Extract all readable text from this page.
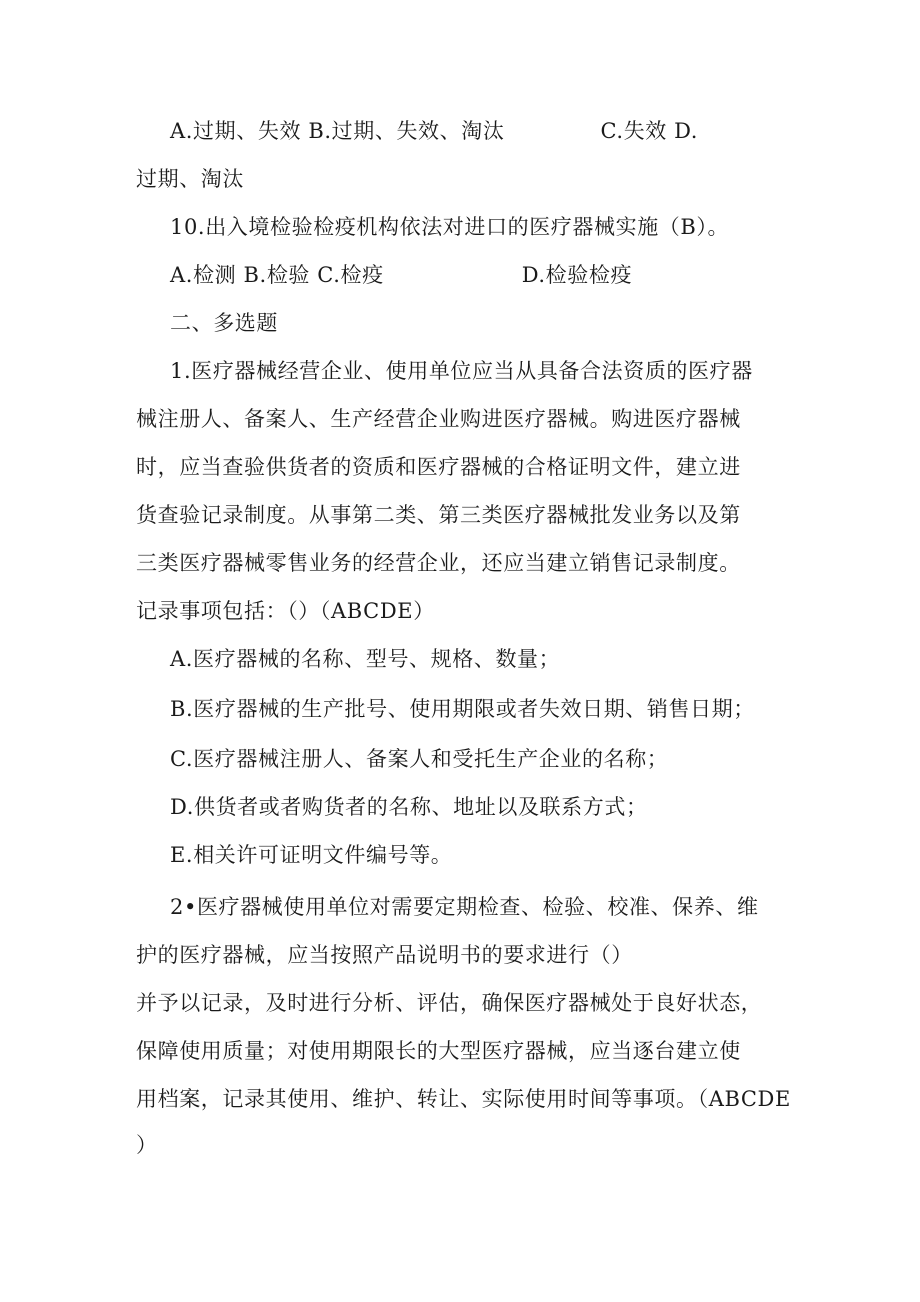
A.过期、失效 B.过期、失效、淘汰	C.失效 D.
过期、淘汰
10.出入境检验检疫机构依法对进口的医疗器械实施（B）。
A.检测 B.检验 C.检疫	D.检验检疫
二、多选题
1.医疗器械经营企业、使用单位应当从具备合法资质的医疗器
械注册人、备案人、生产经营企业购进医疗器械。购进医疗器械
时，应当查验供货者的资质和医疗器械的合格证明文件，建立进
货查验记录制度。从事第二类、第三类医疗器械批发业务以及第
三类医疗器械零售业务的经营企业，还应当建立销售记录制度。
记录事项包括：（）（ABCDE）
A.医疗器械的名称、型号、规格、数量；
B.医疗器械的生产批号、使用期限或者失效日期、销售日期；
C.医疗器械注册人、备案人和受托生产企业的名称；
D.供货者或者购货者的名称、地址以及联系方式；
E.相关许可证明文件编号等。
2•医疗器械使用单位对需要定期检查、检验、校准、保养、维
护的医疗器械，应当按照产品说明书的要求进行（）
并予以记录，及时进行分析、评估，确保医疗器械处于良好状态，
保障使用质量；对使用期限长的大型医疗器械，应当逐台建立使
用档案，记录其使用、维护、转让、实际使用时间等事项。（ABCDE
）
